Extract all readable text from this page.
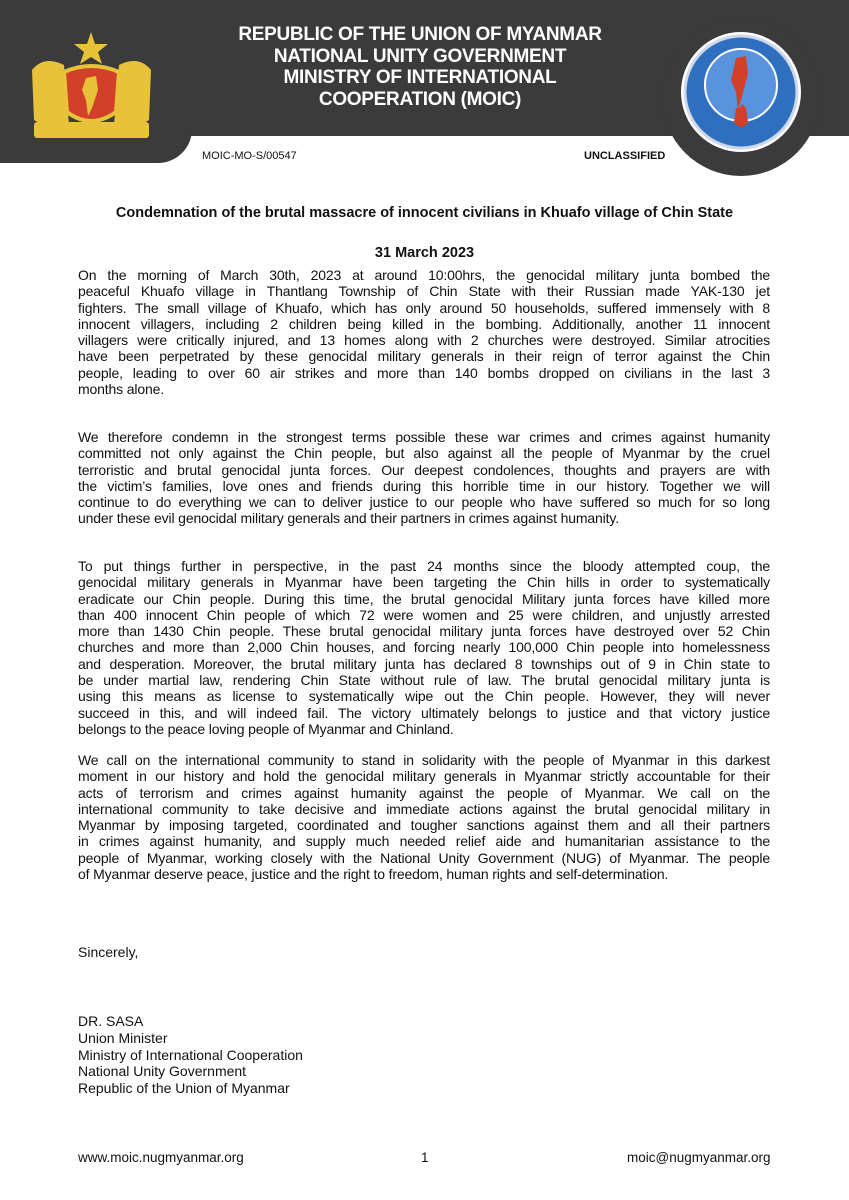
REPUBLIC OF THE UNION OF MYANMAR
NATIONAL UNITY GOVERNMENT
MINISTRY OF INTERNATIONAL
COOPERATION (MOIC)
MOIC-MO-S/00547	UNCLASSIFIED
Condemnation of the brutal massacre of innocent civilians in Khuafo village of Chin State
31 March 2023
On the morning of March 30th, 2023 at around 10:00hrs, the genocidal military junta bombed the
peaceful Khuafo village in Thantlang Township of Chin State with their Russian made YAK-130 jet
fighters. The small village of Khuafo, which has only around 50 households, suffered immensely with 8
innocent villagers, including 2 children being killed in the bombing. Additionally, another 11 innocent
villagers were critically injured, and 13 homes along with 2 churches were destroyed. Similar atrocities
have been perpetrated by these genocidal military generals in their reign of terror against the Chin
people, leading to over 60 air strikes and more than 140 bombs dropped on civilians in the last 3
months alone.
We therefore condemn in the strongest terms possible these war crimes and crimes against humanity
committed not only against the Chin people, but also against all the people of Myanmar by the cruel
terroristic and brutal genocidal junta forces. Our deepest condolences, thoughts and prayers are with
the victim’s families, love ones and friends during this horrible time in our history. Together we will
continue to do everything we can to deliver justice to our people who have suffered so much for so long
under these evil genocidal military generals and their partners in crimes against humanity.
To put things further in perspective, in the past 24 months since the bloody attempted coup, the
genocidal military generals in Myanmar have been targeting the Chin hills in order to systematically
eradicate our Chin people. During this time, the brutal genocidal Military junta forces have killed more
than 400 innocent Chin people of which 72 were women and 25 were children, and unjustly arrested
more than 1430 Chin people. These brutal genocidal military junta forces have destroyed over 52 Chin
churches and more than 2,000 Chin houses, and forcing nearly 100,000 Chin people into homelessness
and desperation. Moreover, the brutal military junta has declared 8 townships out of 9 in Chin state to
be under martial law, rendering Chin State without rule of law. The brutal genocidal military junta is
using this means as license to systematically wipe out the Chin people. However, they will never
succeed in this, and will indeed fail. The victory ultimately belongs to justice and that victory justice
belongs to the peace loving people of Myanmar and Chinland.
We call on the international community to stand in solidarity with the people of Myanmar in this darkest
moment in our history and hold the genocidal military generals in Myanmar strictly accountable for their
acts of terrorism and crimes against humanity against the people of Myanmar. We call on the
international community to take decisive and immediate actions against the brutal genocidal military in
Myanmar by imposing targeted, coordinated and tougher sanctions against them and all their partners
in crimes against humanity, and supply much needed relief aide and humanitarian assistance to the
people of Myanmar, working closely with the National Unity Government (NUG) of Myanmar. The people
of Myanmar deserve peace, justice and the right to freedom, human rights and self-determination.
Sincerely,
DR. SASA
Union Minister
Ministry of International Cooperation
National Unity Government
Republic of the Union of Myanmar
www.moic.nugmyanmar.org	1	moic@nugmyanmar.org
